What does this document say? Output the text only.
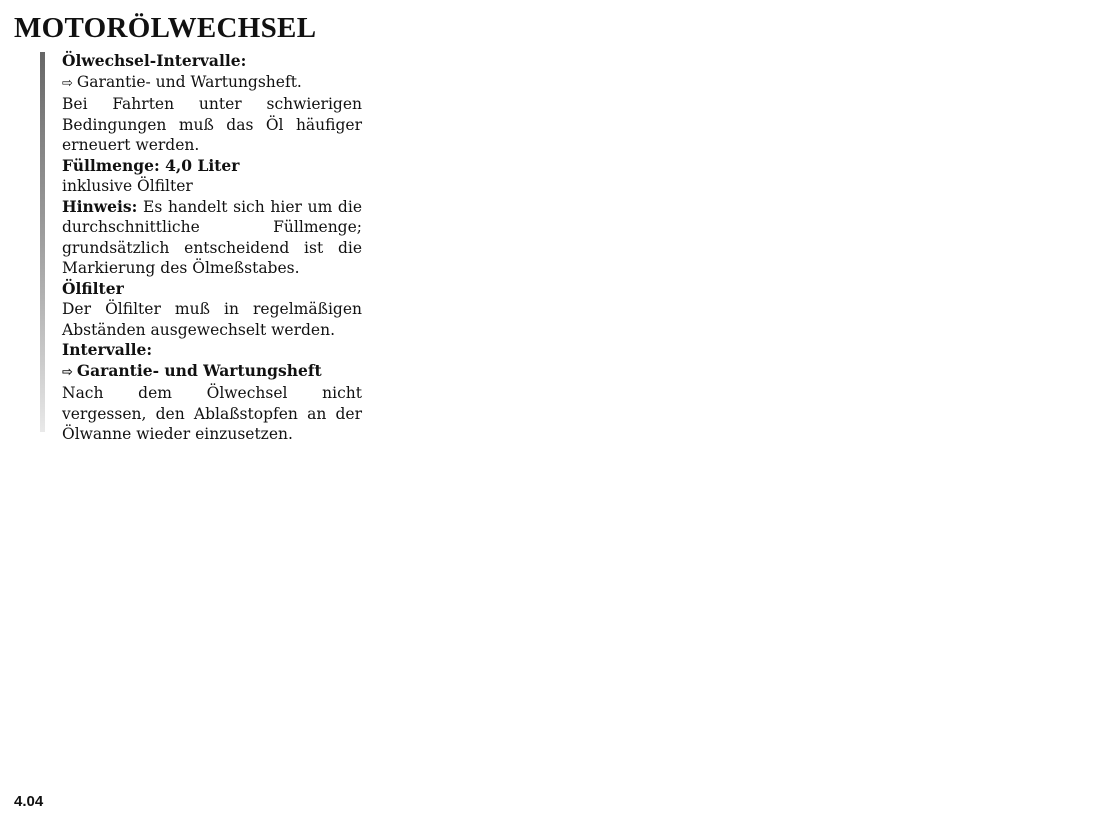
MOTORÖLWECHSEL

Ölwechsel-Intervalle:

⇨ Garantie- und Wartungsheft.

Bei Fahrten unter schwierigen Bedingungen muß das Öl häufiger erneuert werden.

Füllmenge: 4,0 Liter

inklusive Ölfilter

Hinweis: Es handelt sich hier um die durchschnittliche Füllmenge; grundsätzlich entscheidend ist die Markierung des Ölmeßstabes.

Ölfilter

Der Ölfilter muß in regelmäßigen Abständen ausgewechselt werden.

Intervalle:

⇨ Garantie- und Wartungsheft

Nach dem Ölwechsel nicht vergessen, den Ablaßstopfen an der Ölwanne wieder einzusetzen.

4.04
